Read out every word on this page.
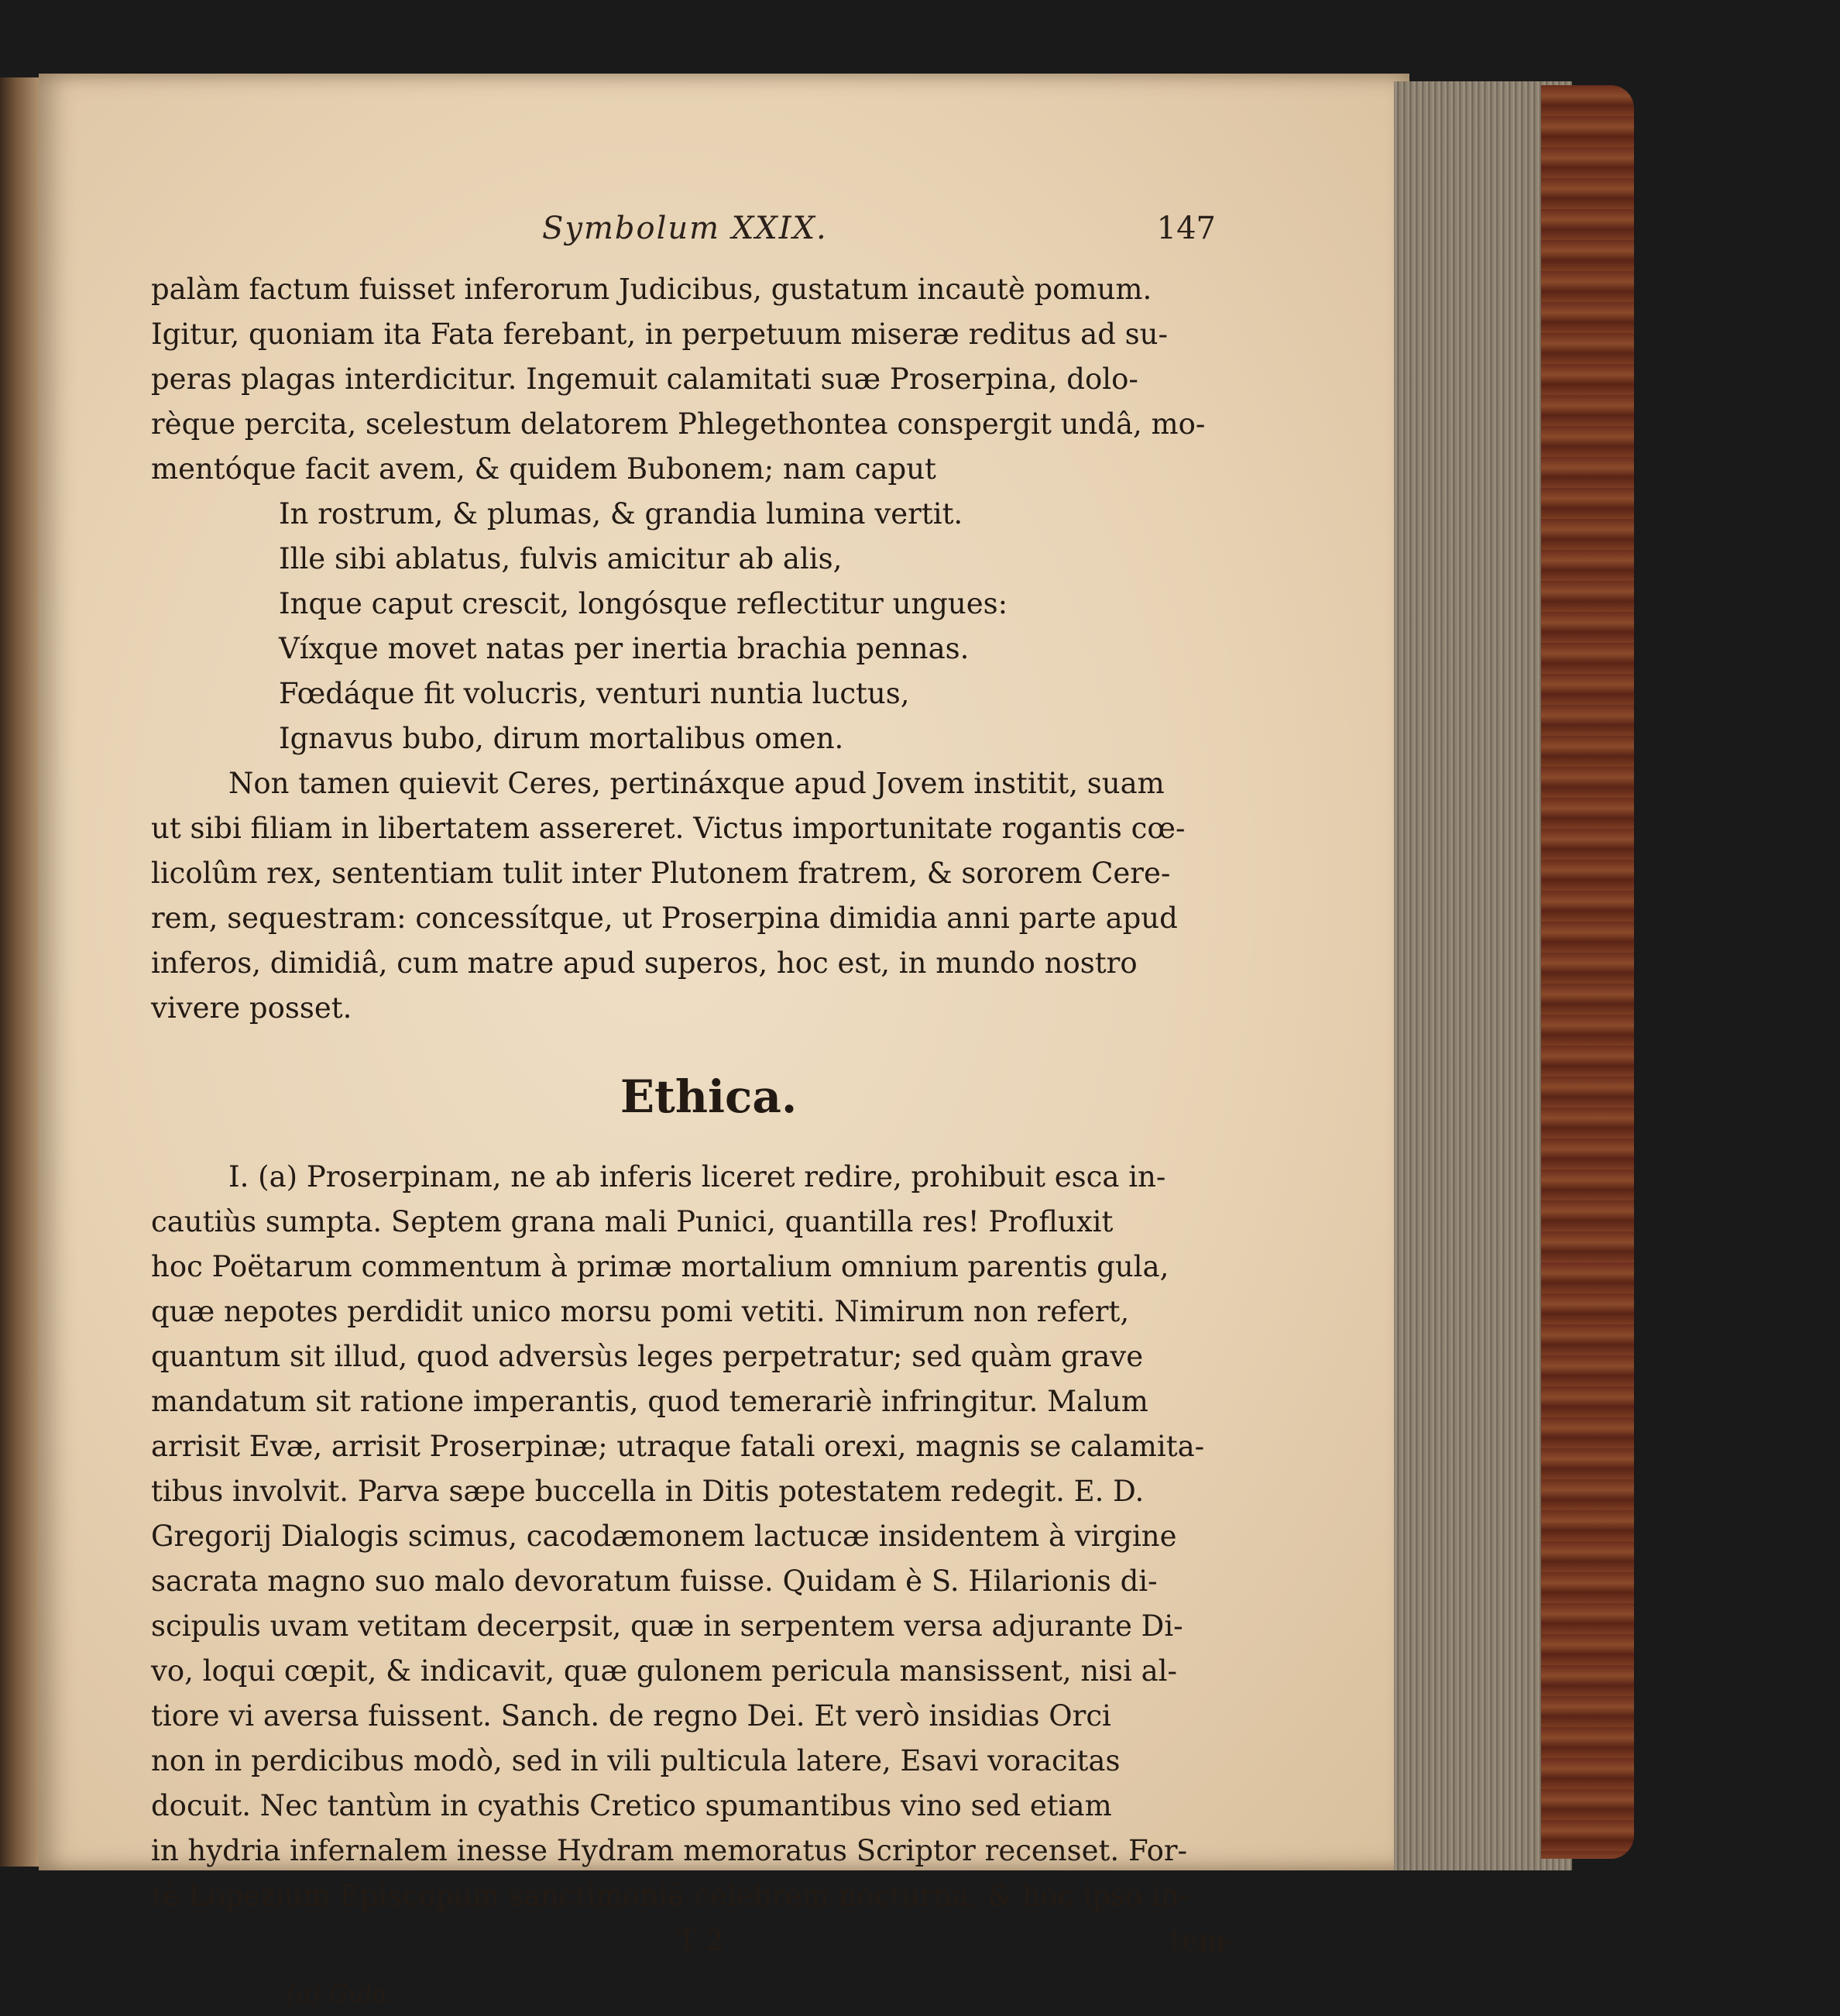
Symbolum XXIX.	147
palàm factum fuisset inferorum Judicibus, gustatum incautè pomum.
Igitur, quoniam ita Fata ferebant, in perpetuum miseræ reditus ad su-
peras plagas interdicitur. Ingemuit calamitati suæ Proserpina, dolo-
rèque percita, scelestum delatorem Phlegethontea conspergit undâ, mo-
mentóque facit avem, & quidem Bubonem; nam caput
In rostrum, & plumas, & grandia lumina vertit.
Ille sibi ablatus, fulvis amicitur ab alis,
Inque caput crescit, longósque reflectitur ungues:
Víxque movet natas per inertia brachia pennas.
Fœdáque fit volucris, venturi nuntia luctus,
Ignavus bubo, dirum mortalibus omen.
Non tamen quievit Ceres, pertináxque apud Jovem institit, suam
ut sibi filiam in libertatem assereret. Victus importunitate rogantis cœ-
licolûm rex, sententiam tulit inter Plutonem fratrem, & sororem Cere-
rem, sequestram: concessítque, ut Proserpina dimidia anni parte apud
inferos, dimidiâ, cum matre apud superos, hoc est, in mundo nostro
vivere posset.
Ethica.
I. (a) Proserpinam, ne ab inferis liceret redire, prohibuit esca in-
cautiùs sumpta. Septem grana mali Punici, quantilla res! Profluxit
hoc Poëtarum commentum à primæ mortalium omnium parentis gula,
quæ nepotes perdidit unico morsu pomi vetiti. Nimirum non refert,
quantum sit illud, quod adversùs leges perpetratur; sed quàm grave
mandatum sit ratione imperantis, quod temerariè infringitur. Malum
arrisit Evæ, arrisit Proserpinæ; utraque fatali orexi, magnis se calamita-
tibus involvit. Parva sæpe buccella in Ditis potestatem redegit. E. D.
Gregorij Dialogis scimus, cacodæmonem lactucæ insidentem à virgine
sacrata magno suo malo devoratum fuisse. Quidam è S. Hilarionis di-
scipulis uvam vetitam decerpsit, quæ in serpentem versa adjurante Di-
vo, loqui cœpit, & indicavit, quæ gulonem pericula mansissent, nisi al-
tiore vi aversa fuissent. Sanch. de regno Dei. Et verò insidias Orci
non in perdicibus modò, sed in vili pulticula latere, Esavi voracitas
docuit. Nec tantùm in cyathis Cretico spumantibus vino sed etiam
in hydria infernalem inesse Hydram memoratus Scriptor recenset. For-
tè Lopezium Episcopum sanctimoniâ celebrem nocturna, & hoc ipso in-
T 2	tem-
(a) Gula.
